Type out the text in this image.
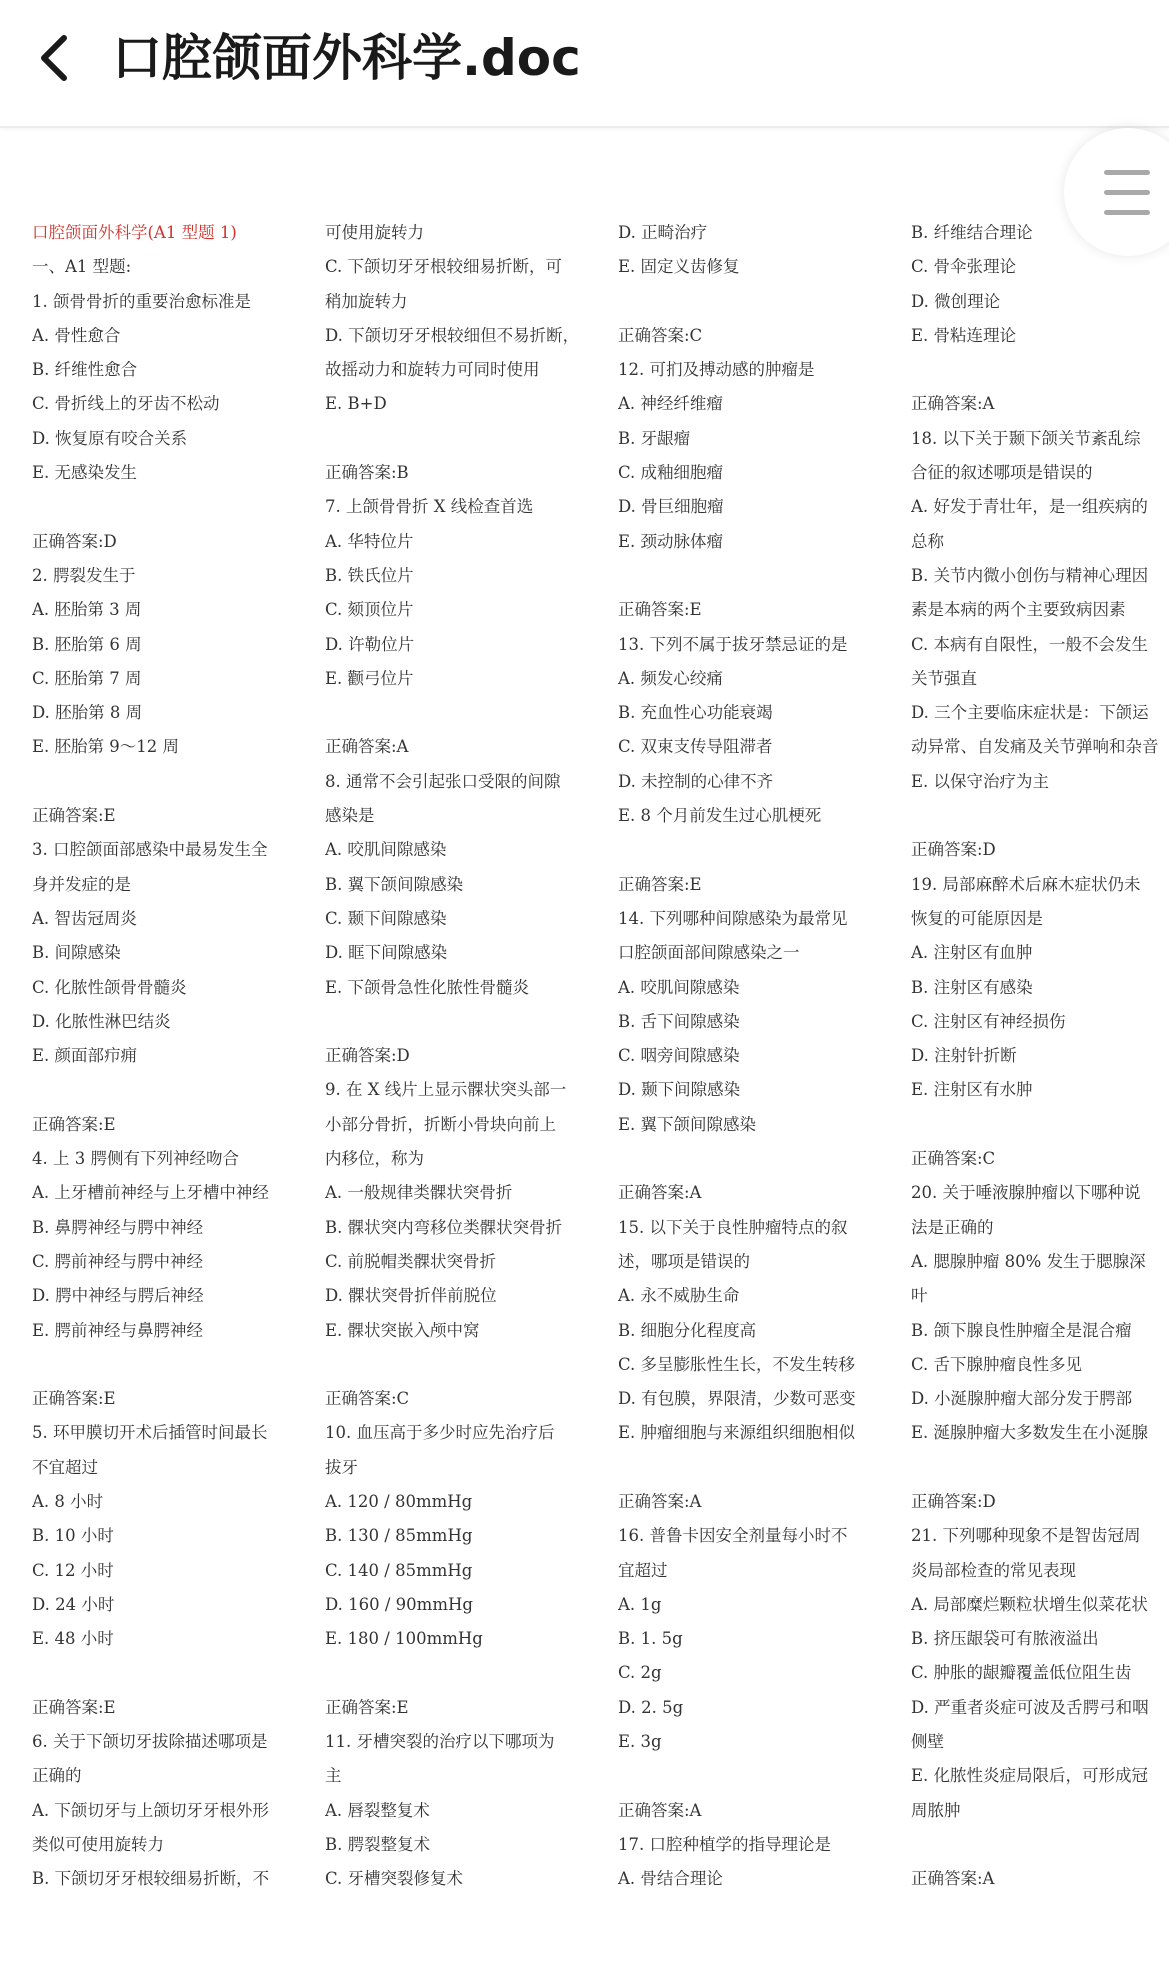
口腔颌面外科学.doc
口腔颌面外科学(A1 型题 1)
一、A1 型题:
1. 颌骨骨折的重要治愈标准是
A. 骨性愈合
B. 纤维性愈合
C. 骨折线上的牙齿不松动
D. 恢复原有咬合关系
E. 无感染发生
正确答案:D
2. 腭裂发生于
A. 胚胎第 3 周
B. 胚胎第 6 周
C. 胚胎第 7 周
D. 胚胎第 8 周
E. 胚胎第 9～12 周
正确答案:E
3. 口腔颌面部感染中最易发生全
身并发症的是
A. 智齿冠周炎
B. 间隙感染
C. 化脓性颌骨骨髓炎
D. 化脓性淋巴结炎
E. 颜面部疖痈
正确答案:E
4. 上 3 腭侧有下列神经吻合
A. 上牙槽前神经与上牙槽中神经
B. 鼻腭神经与腭中神经
C. 腭前神经与腭中神经
D. 腭中神经与腭后神经
E. 腭前神经与鼻腭神经
正确答案:E
5. 环甲膜切开术后插管时间最长
不宜超过
A. 8 小时
B. 10 小时
C. 12 小时
D. 24 小时
E. 48 小时
正确答案:E
6. 关于下颌切牙拔除描述哪项是
正确的
A. 下颌切牙与上颌切牙牙根外形
类似可使用旋转力
B. 下颌切牙牙根较细易折断，不
可使用旋转力
C. 下颌切牙牙根较细易折断，可
稍加旋转力
D. 下颌切牙牙根较细但不易折断，
故摇动力和旋转力可同时使用
E. B+D
正确答案:B
7. 上颌骨骨折 X 线检查首选
A. 华特位片
B. 铁氏位片
C. 颏顶位片
D. 许勒位片
E. 颧弓位片
正确答案:A
8. 通常不会引起张口受限的间隙
感染是
A. 咬肌间隙感染
B. 翼下颌间隙感染
C. 颞下间隙感染
D. 眶下间隙感染
E. 下颌骨急性化脓性骨髓炎
正确答案:D
9. 在 X 线片上显示髁状突头部一
小部分骨折，折断小骨块向前上
内移位，称为
A. 一般规律类髁状突骨折
B. 髁状突内弯移位类髁状突骨折
C. 前脱帽类髁状突骨折
D. 髁状突骨折伴前脱位
E. 髁状突嵌入颅中窝
正确答案:C
10. 血压高于多少时应先治疗后
拔牙
A. 120 / 80mmHg
B. 130 / 85mmHg
C. 140 / 85mmHg
D. 160 / 90mmHg
E. 180 / 100mmHg
正确答案:E
11. 牙槽突裂的治疗以下哪项为
主
A. 唇裂整复术
B. 腭裂整复术
C. 牙槽突裂修复术
D. 正畸治疗
E. 固定义齿修复
正确答案:C
12. 可扪及搏动感的肿瘤是
A. 神经纤维瘤
B. 牙龈瘤
C. 成釉细胞瘤
D. 骨巨细胞瘤
E. 颈动脉体瘤
正确答案:E
13. 下列不属于拔牙禁忌证的是
A. 频发心绞痛
B. 充血性心功能衰竭
C. 双束支传导阻滞者
D. 未控制的心律不齐
E. 8 个月前发生过心肌梗死
正确答案:E
14. 下列哪种间隙感染为最常见
口腔颌面部间隙感染之一
A. 咬肌间隙感染
B. 舌下间隙感染
C. 咽旁间隙感染
D. 颞下间隙感染
E. 翼下颌间隙感染
正确答案:A
15. 以下关于良性肿瘤特点的叙
述，哪项是错误的
A. 永不威胁生命
B. 细胞分化程度高
C. 多呈膨胀性生长，不发生转移
D. 有包膜，界限清，少数可恶变
E. 肿瘤细胞与来源组织细胞相似
正确答案:A
16. 普鲁卡因安全剂量每小时不
宜超过
A. 1g
B. 1. 5g
C. 2g
D. 2. 5g
E. 3g
正确答案:A
17. 口腔种植学的指导理论是
A. 骨结合理论
B. 纤维结合理论
C. 骨伞张理论
D. 微创理论
E. 骨粘连理论
正确答案:A
18. 以下关于颞下颌关节紊乱综
合征的叙述哪项是错误的
A. 好发于青壮年，是一组疾病的
总称
B. 关节内微小创伤与精神心理因
素是本病的两个主要致病因素
C. 本病有自限性，一般不会发生
关节强直
D. 三个主要临床症状是：下颌运
动异常、自发痛及关节弹响和杂音
E. 以保守治疗为主
正确答案:D
19. 局部麻醉术后麻木症状仍未
恢复的可能原因是
A. 注射区有血肿
B. 注射区有感染
C. 注射区有神经损伤
D. 注射针折断
E. 注射区有水肿
正确答案:C
20. 关于唾液腺肿瘤以下哪种说
法是正确的
A. 腮腺肿瘤 80% 发生于腮腺深
叶
B. 颌下腺良性肿瘤全是混合瘤
C. 舌下腺肿瘤良性多见
D. 小涎腺肿瘤大部分发于腭部
E. 涎腺肿瘤大多数发生在小涎腺
正确答案:D
21. 下列哪种现象不是智齿冠周
炎局部检查的常见表现
A. 局部糜烂颗粒状增生似菜花状
B. 挤压龈袋可有脓液溢出
C. 肿胀的龈瓣覆盖低位阻生齿
D. 严重者炎症可波及舌腭弓和咽
侧壁
E. 化脓性炎症局限后，可形成冠
周脓肿
正确答案:A
